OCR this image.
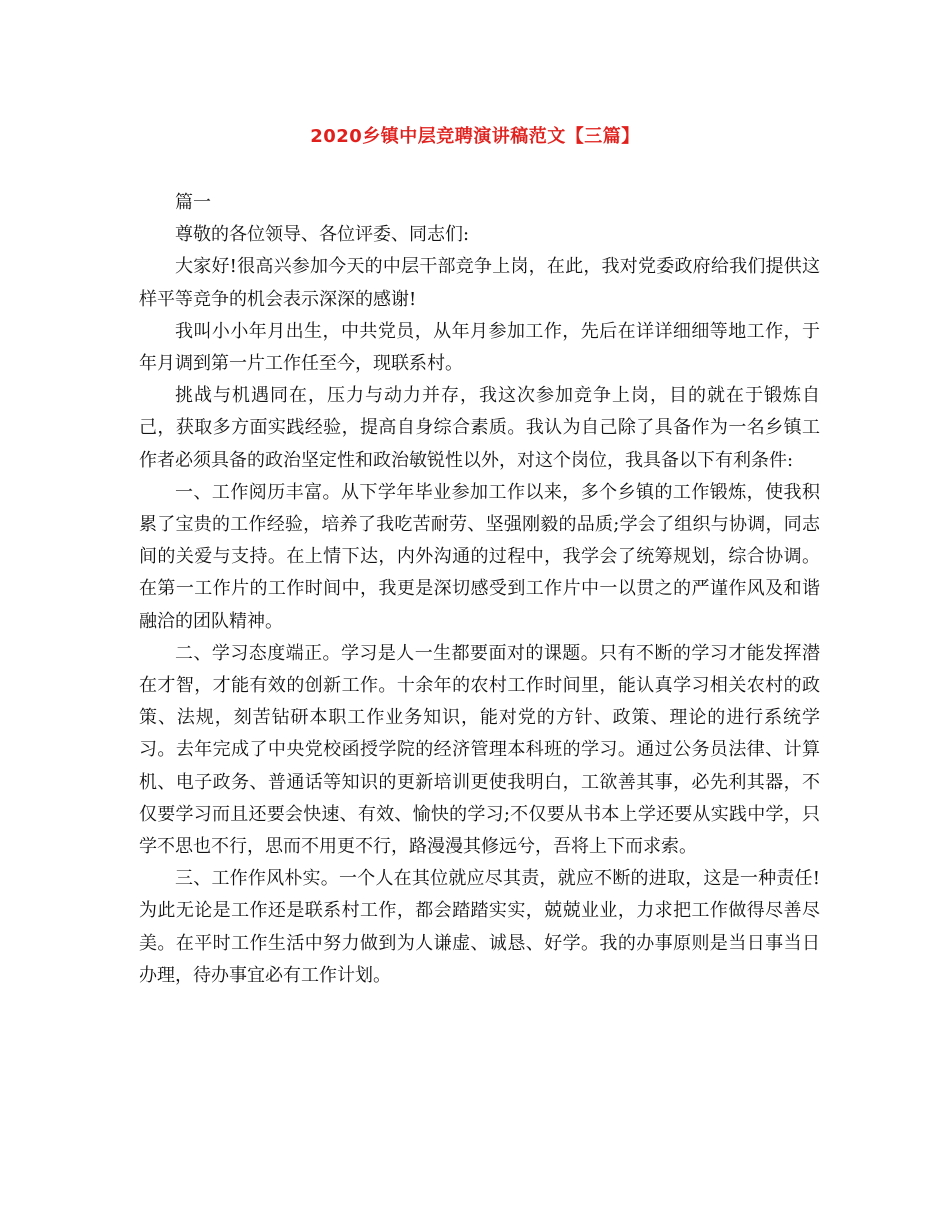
2020乡镇中层竞聘演讲稿范文【三篇】

篇一

尊敬的各位领导、各位评委、同志们:

大家好!很高兴参加今天的中层干部竞争上岗，在此，我对党委政府给我们提供这样平等竞争的机会表示深深的感谢!

我叫小小年月出生，中共党员，从年月参加工作，先后在详详细细等地工作，于年月调到第一片工作任至今，现联系村。

挑战与机遇同在，压力与动力并存，我这次参加竞争上岗，目的就在于锻炼自己，获取多方面实践经验，提高自身综合素质。我认为自己除了具备作为一名乡镇工作者必须具备的政治坚定性和政治敏锐性以外，对这个岗位，我具备以下有利条件:

一、工作阅历丰富。从下学年毕业参加工作以来，多个乡镇的工作锻炼，使我积累了宝贵的工作经验，培养了我吃苦耐劳、坚强刚毅的品质;学会了组织与协调，同志间的关爱与支持。在上情下达，内外沟通的过程中，我学会了统筹规划，综合协调。在第一工作片的工作时间中，我更是深切感受到工作片中一以贯之的严谨作风及和谐融洽的团队精神。

二、学习态度端正。学习是人一生都要面对的课题。只有不断的学习才能发挥潜在才智，才能有效的创新工作。十余年的农村工作时间里，能认真学习相关农村的政策、法规，刻苦钻研本职工作业务知识，能对党的方针、政策、理论的进行系统学习。去年完成了中央党校函授学院的经济管理本科班的学习。通过公务员法律、计算机、电子政务、普通话等知识的更新培训更使我明白，工欲善其事，必先利其器，不仅要学习而且还要会快速、有效、愉快的学习;不仅要从书本上学还要从实践中学，只学不思也不行，思而不用更不行，路漫漫其修远兮，吾将上下而求索。

三、工作作风朴实。一个人在其位就应尽其责，就应不断的进取，这是一种责任!为此无论是工作还是联系村工作，都会踏踏实实，兢兢业业，力求把工作做得尽善尽美。在平时工作生活中努力做到为人谦虚、诚恳、好学。我的办事原则是当日事当日办理，待办事宜必有工作计划。
